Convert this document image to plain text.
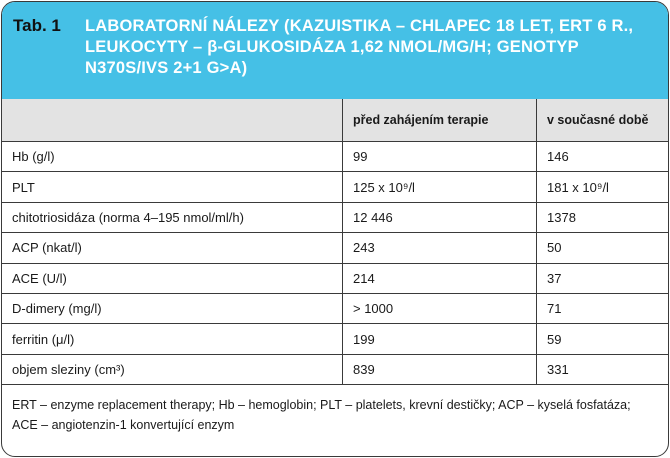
Tab. 1 LABORATORNÍ NÁLEZY (KAZUISTIKA – CHLAPEC 18 LET, ERT 6 R., LEUKOCYTY – β-GLUKOSIDÁZA 1,62 NMOL/MG/H; GENOTYP N370S/IVS 2+1 G>A)
	před zahájením terapie	v současné době
Hb (g/l)	99	146
PLT	125 x 10⁹/l	181 x 10⁹/l
chitotriosidáza (norma 4–195 nmol/ml/h)	12 446	1378
ACP (nkat/l)	243	50
ACE (U/l)	214	37
D-dimery (mg/l)	> 1000	71
ferritin (μ/l)	199	59
objem sleziny (cm³)	839	331
ERT – enzyme replacement therapy; Hb – hemoglobin; PLT – platelets, krevní destičky; ACP – kyselá fosfatáza; ACE – angiotenzin-1 konvertující enzym
